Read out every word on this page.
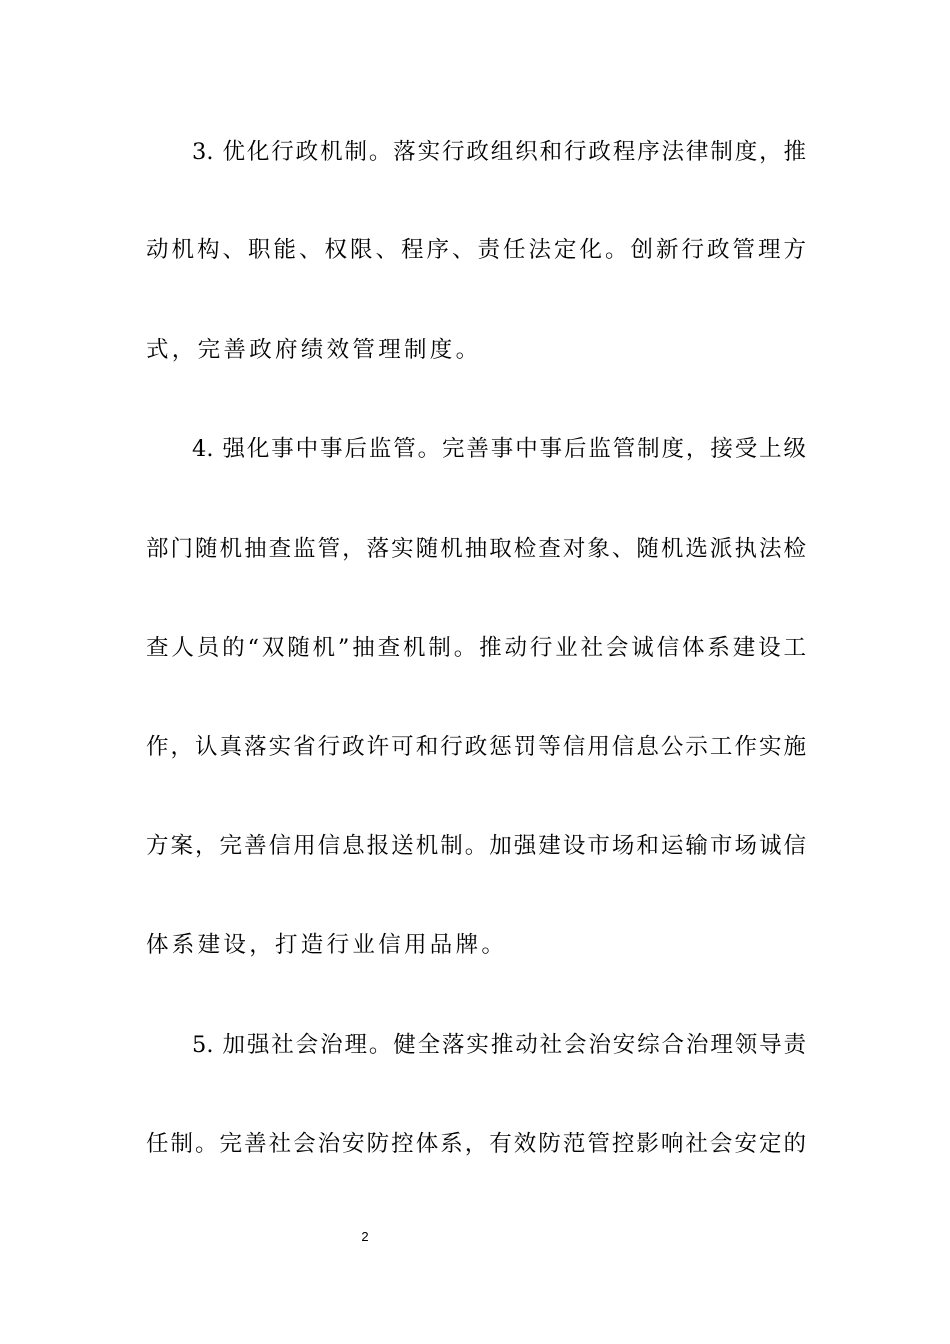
3. 优化行政机制。落实行政组织和行政程序法律制度，推
动机构、职能、权限、程序、责任法定化。创新行政管理方
式，完善政府绩效管理制度。
4. 强化事中事后监管。完善事中事后监管制度，接受上级
部门随机抽查监管，落实随机抽取检查对象、随机选派执法检
查人员的“双随机”抽查机制。推动行业社会诚信体系建设工
作，认真落实省行政许可和行政惩罚等信用信息公示工作实施
方案，完善信用信息报送机制。加强建设市场和运输市场诚信
体系建设，打造行业信用品牌。
5. 加强社会治理。健全落实推动社会治安综合治理领导责
任制。完善社会治安防控体系，有效防范管控影响社会安定的
2
